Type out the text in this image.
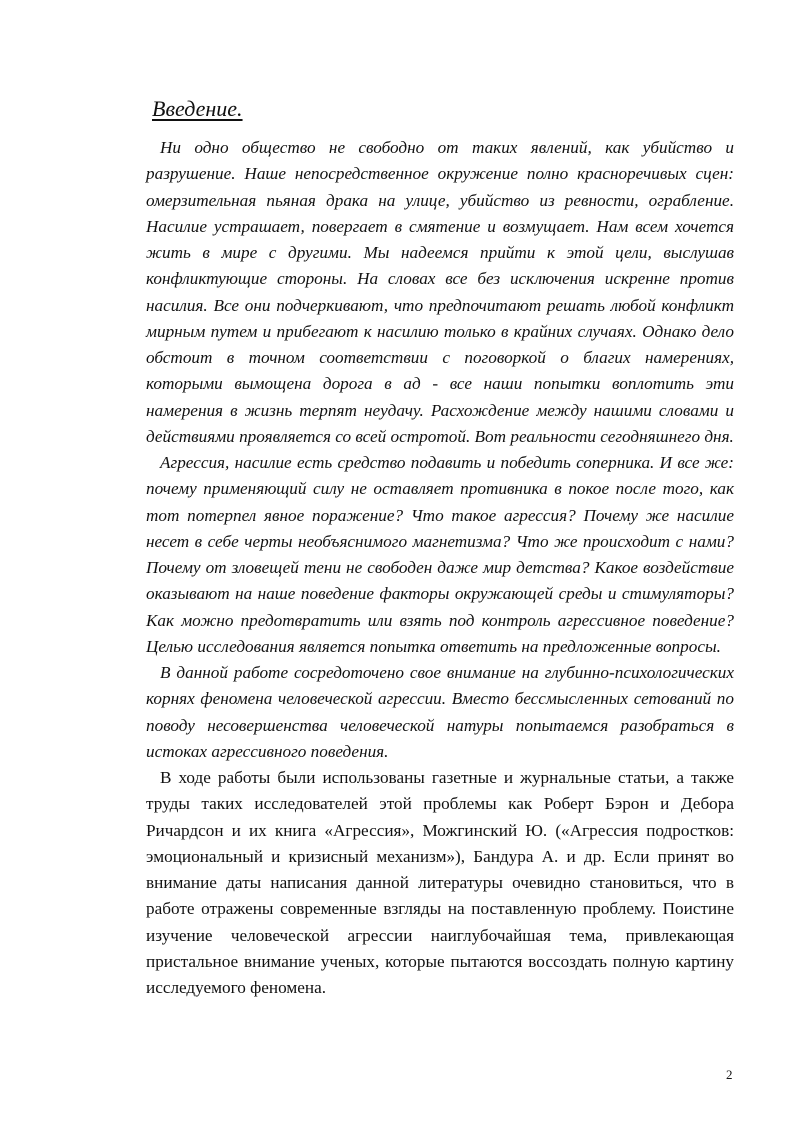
Введение.

Ни одно общество не свободно от таких явлений, как убийство и разрушение. Наше непосредственное окружение полно красноречивых сцен: омерзительная пьяная драка на улице, убийство из ревности, ограбление. Насилие устрашает, повергает в смятение и возмущает. Нам всем хочется жить в мире с другими. Мы надеемся прийти к этой цели, выслушав конфликтующие стороны. На словах все без исключения искренне против насилия. Все они подчеркивают, что предпочитают решать любой конфликт мирным путем и прибегают к насилию только в крайних случаях. Однако дело обстоит в точном соответствии с поговоркой о благих намерениях, которыми вымощена дорога в ад - все наши попытки воплотить эти намерения в жизнь терпят неудачу. Расхождение между нашими словами и действиями проявляется со всей остротой. Вот реальности сегодняшнего дня.

Агрессия, насилие есть средство подавить и победить соперника. И все же: почему применяющий силу не оставляет противника в покое после того, как тот потерпел явное поражение? Что такое агрессия? Почему же насилие несет в себе черты необъяснимого магнетизма? Что же происходит с нами? Почему от зловещей тени не свободен даже мир детства? Какое воздействие оказывают на наше поведение факторы окружающей среды и стимуляторы? Как можно предотвратить или взять под контроль агрессивное поведение? Целью исследования является попытка ответить на предложенные вопросы.

В данной работе сосредоточено свое внимание на глубинно-психологических корнях феномена человеческой агрессии. Вместо бессмысленных сетований по поводу несовершенства человеческой натуры попытаемся разобраться в истоках агрессивного поведения.

В ходе работы были использованы газетные и журнальные статьи, а также труды таких исследователей этой проблемы как Роберт Бэрон и Дебора Ричардсон и их книга «Агрессия», Можгинский Ю. («Агрессия подростков: эмоциональный и кризисный механизм»), Бандура А. и др. Если принят во внимание даты написания данной литературы очевидно становиться, что в работе отражены современные взгляды на поставленную проблему. Поистине изучение человеческой агрессии наиглубочайшая тема, привлекающая пристальное внимание ученых, которые пытаются воссоздать полную картину исследуемого феномена.

2
